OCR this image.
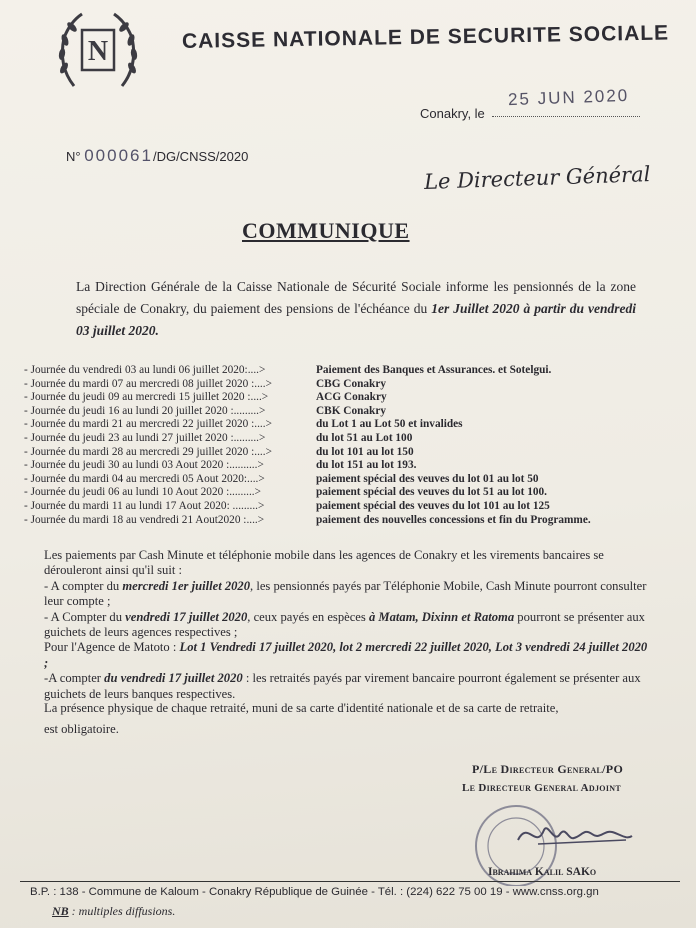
N	CAISSE NATIONALE DE SECURITE SOCIALE
Conakry, le
25 JUN 2020
N° 000061/DG/CNSS/2020
Le Directeur Général
COMMUNIQUE
La Direction Générale de la Caisse Nationale de Sécurité Sociale informe les pensionnés de la zone spéciale de Conakry, du paiement des pensions de l'échéance du 1er Juillet 2020 à partir du vendredi 03 juillet 2020.
- Journée du vendredi 03 au lundi 06 juillet 2020:....>	Paiement des Banques et Assurances. et Sotelgui.
- Journée du mardi 07 au mercredi 08 juillet 2020 :....>	CBG Conakry
- Journée du jeudi 09 au mercredi 15 juillet 2020 :....>	ACG Conakry
- Journée du jeudi 16 au lundi 20 juillet 2020 :.........>	CBK Conakry
- Journée du mardi 21 au mercredi 22 juillet 2020 :....>	du Lot 1 au Lot 50 et invalides
- Journée du jeudi 23 au lundi 27 juillet 2020 :.........>	du lot 51 au Lot 100
- Journée du mardi 28 au mercredi 29 juillet 2020 :....>	du lot 101 au lot 150
- Journée du jeudi 30 au lundi 03 Aout 2020 :..........>	du lot 151 au lot 193.
- Journée du mardi 04 au mercredi 05 Aout 2020:....>	paiement spécial des veuves du lot 01 au lot 50
- Journée du jeudi 06 au lundi 10 Aout 2020 :.........>	paiement spécial des veuves du lot 51 au lot 100.
- Journée du mardi 11 au lundi 17 Aout 2020: .........>	paiement spécial des veuves du lot 101 au lot 125
- Journée du mardi 18 au vendredi 21 Aout2020 :....>	paiement des nouvelles concessions et fin du Programme.

Les paiements par Cash Minute et téléphonie mobile dans les agences de Conakry et les virements bancaires se dérouleront ainsi qu'il suit :

- A compter du mercredi 1er juillet 2020, les pensionnés payés par Téléphonie Mobile, Cash Minute pourront consulter leur compte ;

- A Compter du vendredi 17 juillet 2020, ceux payés en espèces à Matam, Dixinn et Ratoma pourront se présenter aux guichets de leurs agences respectives ;

Pour l'Agence de Matoto : Lot 1 Vendredi 17 juillet 2020, lot 2 mercredi 22 juillet 2020, Lot 3 vendredi 24 juillet 2020 ;

-A compter du vendredi 17 juillet 2020 : les retraités payés par virement bancaire pourront également se présenter aux guichets de leurs banques respectives.

La présence physique de chaque retraité, muni de sa carte d'identité nationale et de sa carte de retraite,

est obligatoire.

P/Le Directeur General/PO
Le Directeur General Adjoint
Ibrahima Kalil SAKo
B.P. : 138 - Commune de Kaloum - Conakry République de Guinée - Tél. : (224) 622 75 00 19 - www.cnss.org.gn
NB : multiples diffusions.
